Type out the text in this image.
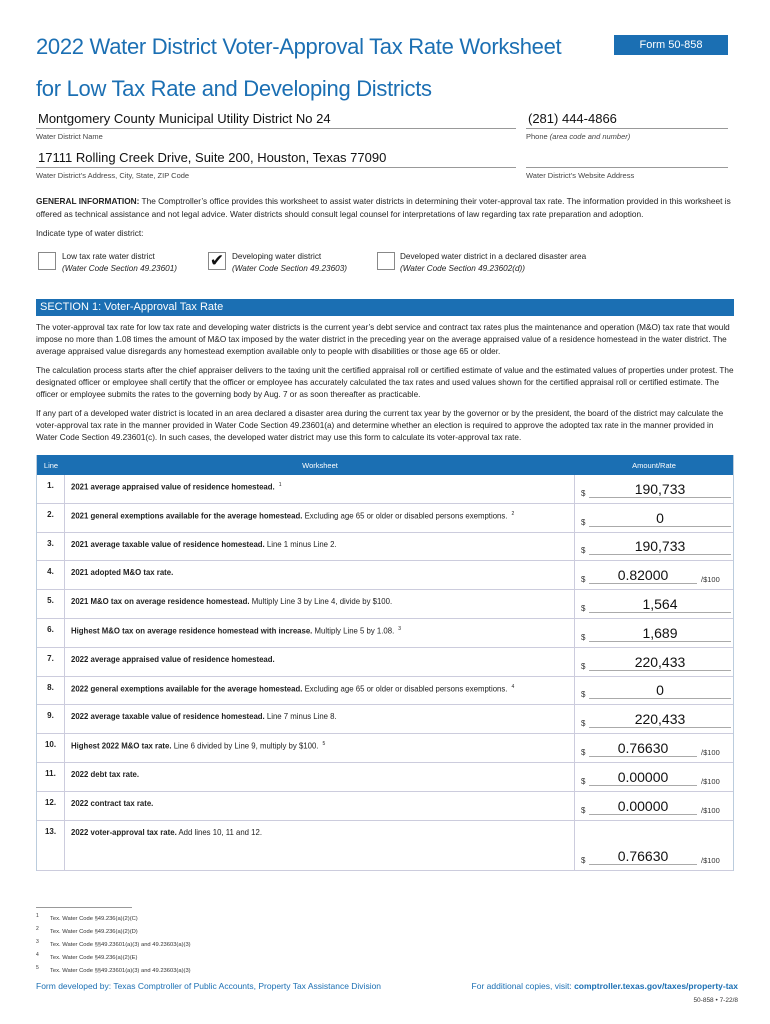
2022 Water District Voter-Approval Tax Rate Worksheet
for Low Tax Rate and Developing Districts
Form 50-858
Montgomery County Municipal Utility District No 24
Water District Name
(281) 444-4866
Phone (area code and number)
17111 Rolling Creek Drive, Suite 200, Houston, Texas 77090
Water District’s Address, City, State, ZIP Code	Water District’s Website Address
GENERAL INFORMATION: The Comptroller’s office provides this worksheet to assist water districts in determining their voter-approval tax rate. The information provided in this worksheet is offered as technical assistance and not legal advice. Water districts should consult legal counsel for interpretations of law regarding tax rate preparation and adoption.
Indicate type of water district:
Low tax rate water district
(Water Code Section 49.23601) ✔ Developing water district
(Water Code Section 49.23603)
Developed water district in a declared disaster area
(Water Code Section 49.23602(d))
SECTION 1: Voter-Approval Tax Rate
The voter-approval tax rate for low tax rate and developing water districts is the current year’s debt service and contract tax rates plus the maintenance and operation (M&O) tax rate that would impose no more than 1.08 times the amount of M&O tax imposed by the water district in the preceding year on the average appraised value of a residence homestead in the water district. The average appraised value disregards any homestead exemption available only to people with disabilities or those age 65 or older.
The calculation process starts after the chief appraiser delivers to the taxing unit the certified appraisal roll or certified estimate of value and the estimated values of properties under protest. The designated officer or employee shall certify that the officer or employee has accurately calculated the tax rates and used values shown for the certified appraisal roll or certified estimate. The officer or employee submits the rates to the governing body by Aug. 7 or as soon thereafter as practicable.
If any part of a developed water district is located in an area declared a disaster area during the current tax year by the governor or by the president, the board of the district may calculate the voter-approval tax rate in the manner provided in Water Code Section 49.23601(a) and determine whether an election is required to approve the adopted tax rate in the manner provided in Water Code Section 49.23601(c). In such cases, the developed water district may use this form to calculate its voter-approval tax rate.
Line	Worksheet	Amount/Rate
1.	2021 average appraised value of residence homestead. $^1$
$	190,733
2.	2021 general exemptions available for the average homestead. Excluding age 65 or older or disabled persons exemptions. $^2$
$	0
3.	2021 average taxable value of residence homestead. Line 1 minus Line 2.
$	190,733
4.	2021 adopted M&O tax rate.
$	0.82000	/$100
5.	2021 M&O tax on average residence homestead. Multiply Line 3 by Line 4, divide by $100.
$	1,564
6.	Highest M&O tax on average residence homestead with increase. Multiply Line 5 by 1.08. $^3$
$	1,689
7.	2022 average appraised value of residence homestead.
$	220,433
8.	2022 general exemptions available for the average homestead. Excluding age 65 or older or disabled persons exemptions. $^4$
$	0
9.	2022 average taxable value of residence homestead. Line 7 minus Line 8.
$	220,433
10.	Highest 2022 M&O tax rate. Line 6 divided by Line 9, multiply by $100. $^5$
$	0.76630	/$100
11.	2022 debt tax rate.
$	0.00000	/$100
12.	2022 contract tax rate.
$	0.00000	/$100
13.	2022 voter-approval tax rate. Add lines 10, 11 and 12.
$	0.76630	/$100
$^1$ Tex. Water Code §49.236(a)(2)(C)
$^2$ Tex. Water Code §49.236(a)(2)(D)
$^3$ Tex. Water Code §§49.23601(a)(3) and 49.23603(a)(3)
$^4$ Tex. Water Code §49.236(a)(2)(E)
$^5$ Tex. Water Code §§49.23601(a)(3) and 49.23603(a)(3)
Form developed by: Texas Comptroller of Public Accounts, Property Tax Assistance Division	For additional copies, visit: comptroller.texas.gov/taxes/property-tax
50-858 • 7-22/8
